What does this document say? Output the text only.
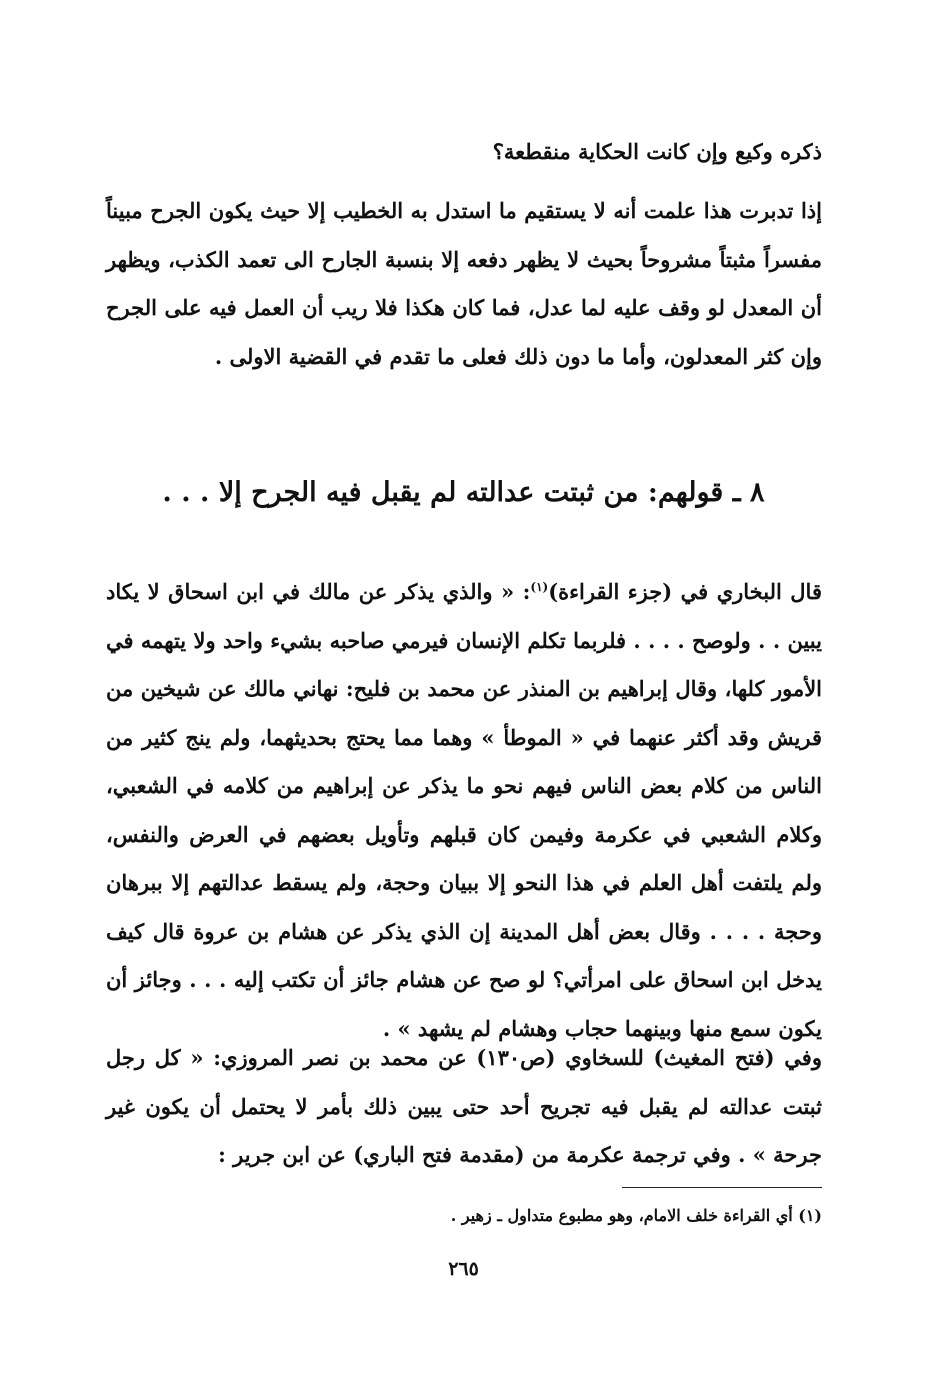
ذكره وكيع وإن كانت الحكاية منقطعة؟

إذا تدبرت هذا علمت أنه لا يستقيم ما استدل به الخطيب إلا حيث يكون الجرح مبيناً مفسراً مثبتاً مشروحاً بحيث لا يظهر دفعه إلا بنسبة الجارح الى تعمد الكذب، ويظهر أن المعدل لو وقف عليه لما عدل، فما كان هكذا فلا ريب أن العمل فيه على الجرح وإن كثر المعدلون، وأما ما دون ذلك فعلى ما تقدم في القضية الاولى .

٨ ـ قولهم: من ثبتت عدالته لم يقبل فيه الجرح إلا . . .

قال البخاري في (جزء القراءة)$^{(١)}$: « والذي يذكر عن مالك في ابن اسحاق لا يكاد يبين . . ولوصح . . . . فلربما تكلم الإنسان فيرمي صاحبه بشيء واحد ولا يتهمه في الأمور كلها، وقال إبراهيم بن المنذر عن محمد بن فليح: نهاني مالك عن شيخين من قريش وقد أكثر عنهما في « الموطأ » وهما مما يحتج بحديثهما، ولم ينج كثير من الناس من كلام بعض الناس فيهم نحو ما يذكر عن إبراهيم من كلامه في الشعبي، وكلام الشعبي في عكرمة وفيمن كان قبلهم وتأويل بعضهم في العرض والنفس، ولم يلتفت أهل العلم في هذا النحو إلا ببيان وحجة، ولم يسقط عدالتهم إلا ببرهان وحجة . . . . وقال بعض أهل المدينة إن الذي يذكر عن هشام بن عروة قال كيف يدخل ابن اسحاق على امرأتي؟ لو صح عن هشام جائز أن تكتب إليه . . . وجائز أن يكون سمع منها وبينهما حجاب وهشام لم يشهد » .

وفي (فتح المغيث) للسخاوي (ص١٣٠) عن محمد بن نصر المروزي: « كل رجل ثبتت عدالته لم يقبل فيه تجريح أحد حتى يبين ذلك بأمر لا يحتمل أن يكون غير جرحة » . وفي ترجمة عكرمة من (مقدمة فتح الباري) عن ابن جرير :

(١) أي القراءة خلف الامام، وهو مطبوع متداول ـ زهير .

٢٦٥
